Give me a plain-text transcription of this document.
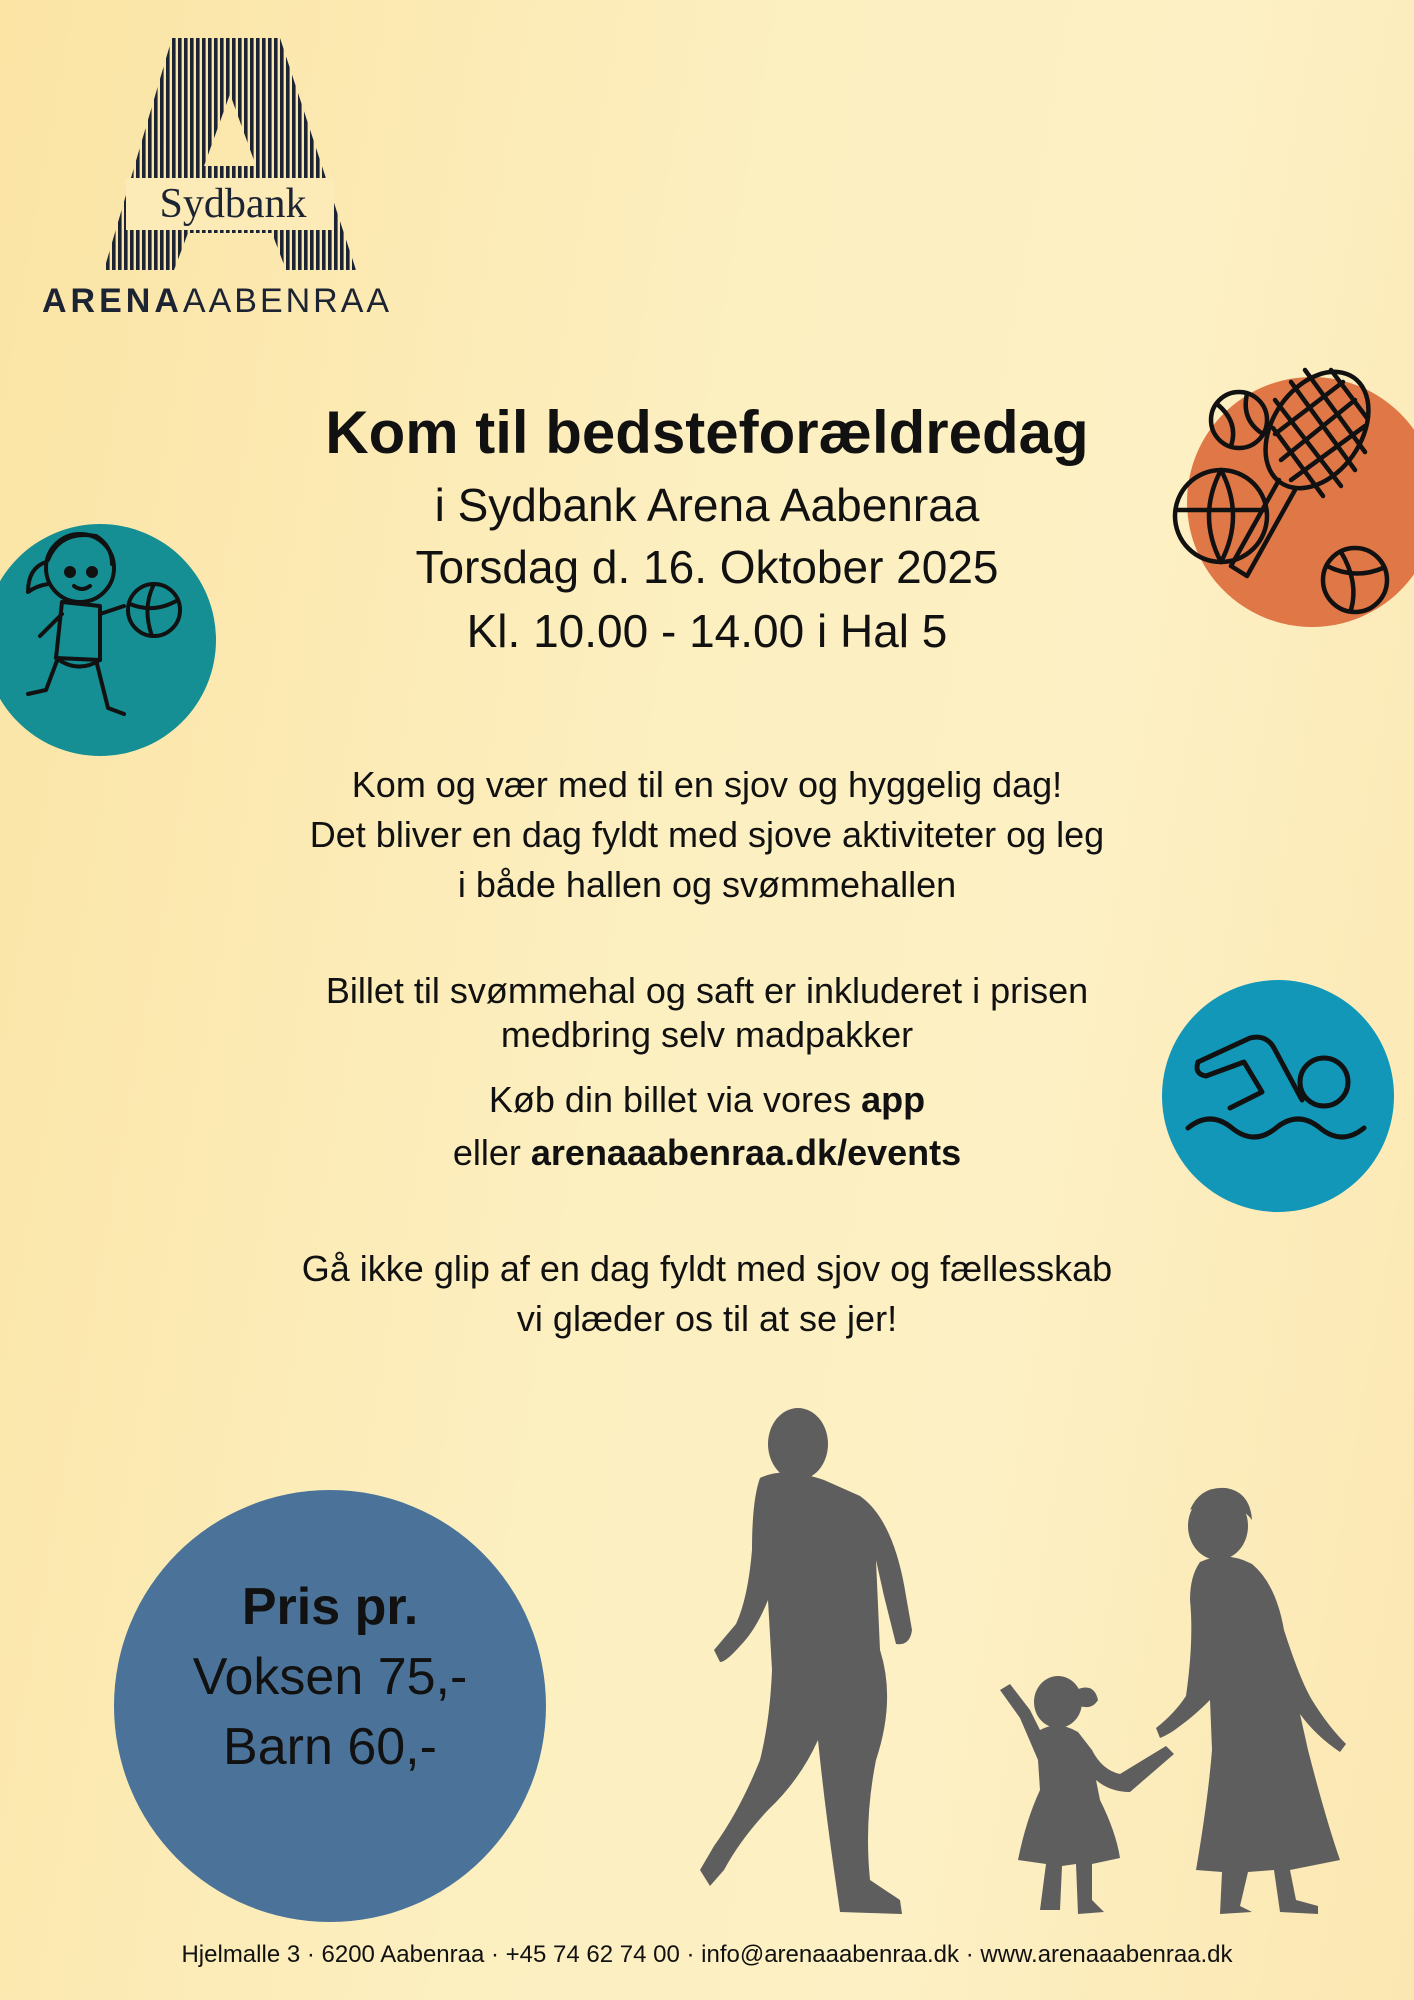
Sydbank
ARENAAABENRAA
Kom til bedsteforældredag
i Sydbank Arena Aabenraa
Torsdag d. 16. Oktober 2025
Kl. 10.00 - 14.00 i Hal 5
Kom og vær med til en sjov og hyggelig dag!
Det bliver en dag fyldt med sjove aktiviteter og leg
i både hallen og svømmehallen
Billet til svømmehal og saft er inkluderet i prisen
medbring selv madpakker
Køb din billet via vores app
eller arenaaabenraa.dk/events
Gå ikke glip af en dag fyldt med sjov og fællesskab
vi glæder os til at se jer!
Pris pr.
Voksen 75,-
Barn 60,-
Hjelmalle 3 · 6200 Aabenraa · +45 74 62 74 00 · info@arenaaabenraa.dk · www.arenaaabenraa.dk
